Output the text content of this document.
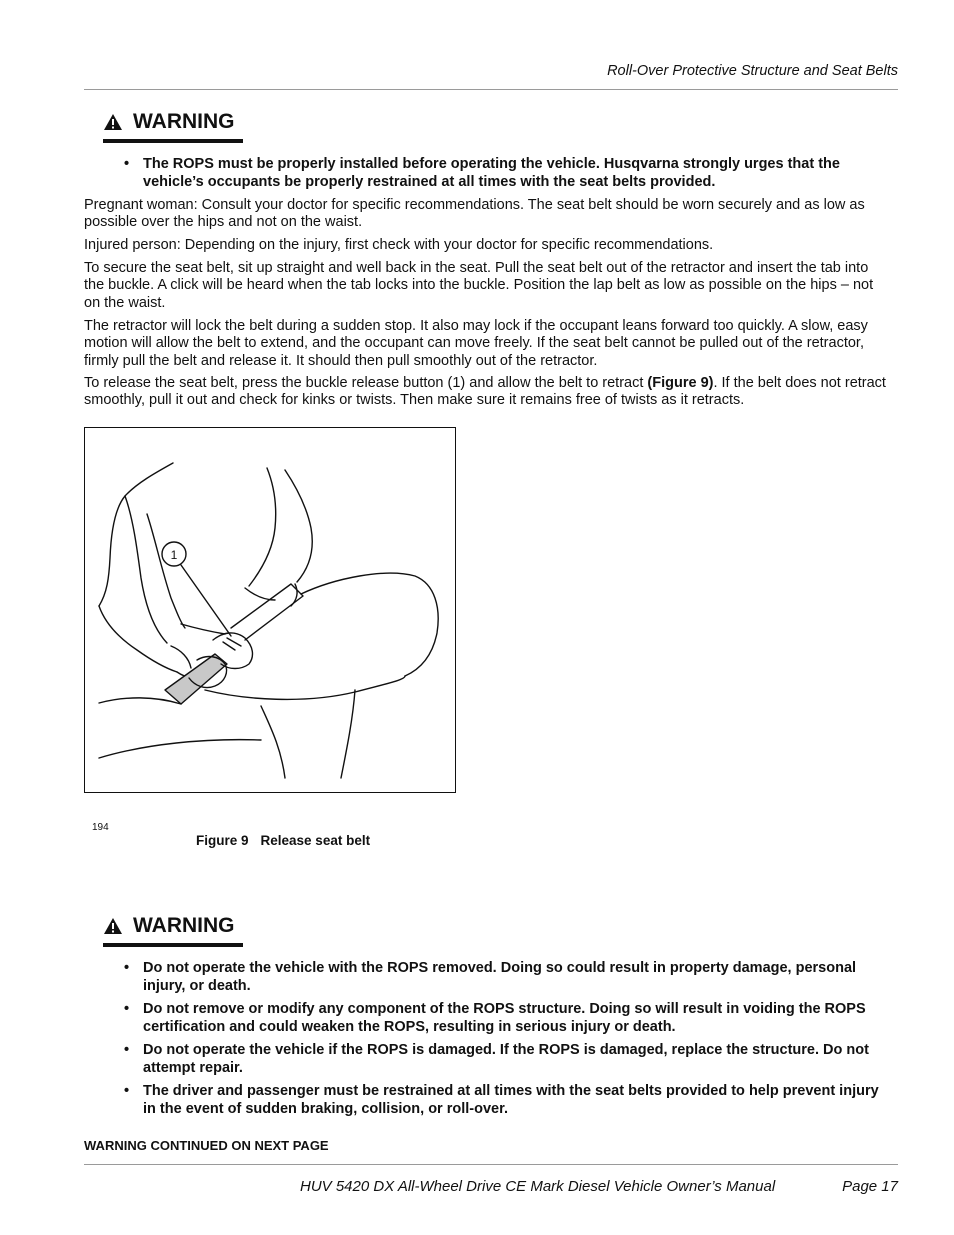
Roll-Over Protective Structure and Seat Belts
WARNING
• The ROPS must be properly installed before operating the vehicle. Husqvarna strongly urges that the vehicle’s occupants be properly restrained at all times with the seat belts provided.

Pregnant woman: Consult your doctor for specific recommendations. The seat belt should be worn securely and as low as possible over the hips and not on the waist.

Injured person: Depending on the injury, first check with your doctor for specific recommendations.

To secure the seat belt, sit up straight and well back in the seat. Pull the seat belt out of the retractor and insert the tab into the buckle. A click will be heard when the tab locks into the buckle. Position the lap belt as low as possible on the hips – not on the waist.

The retractor will lock the belt during a sudden stop. It also may lock if the occupant leans forward too quickly. A slow, easy motion will allow the belt to extend, and the occupant can move freely. If the seat belt cannot be pulled out of the retractor, firmly pull the belt and release it. It should then pull smoothly out of the retractor.

To release the seat belt, press the buckle release button (1) and allow the belt to retract (Figure 9). If the belt does not retract smoothly, pull it out and check for kinks or twists. Then make sure it remains free of twists as it retracts.

1
194
Figure 9 Release seat belt
WARNING
• Do not operate the vehicle with the ROPS removed. Doing so could result in property damage, personal injury, or death.
• Do not remove or modify any component of the ROPS structure. Doing so will result in voiding the ROPS certification and could weaken the ROPS, resulting in serious injury or death.
• Do not operate the vehicle if the ROPS is damaged. If the ROPS is damaged, replace the structure. Do not attempt repair.
• The driver and passenger must be restrained at all times with the seat belts provided to help prevent injury in the event of sudden braking, collision, or roll-over.
WARNING CONTINUED ON NEXT PAGE
HUV 5420 DX All-Wheel Drive CE Mark Diesel Vehicle Owner’s Manual	Page 17
